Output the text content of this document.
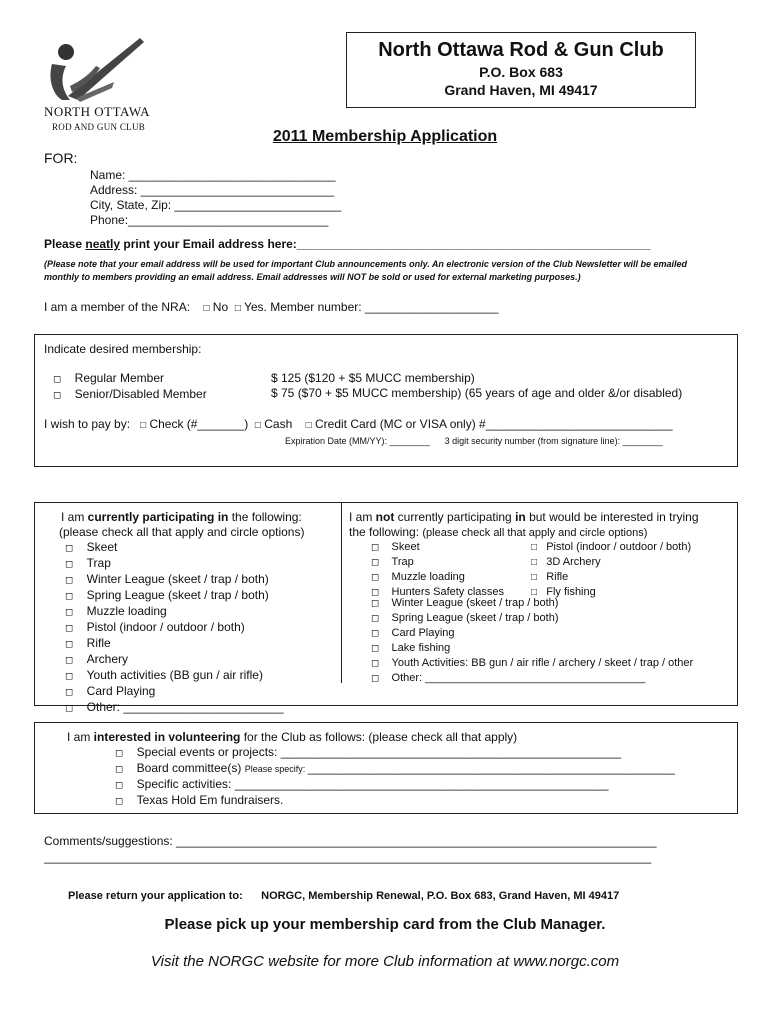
NORTH OTTAWA
ROD AND GUN CLUB
North Ottawa Rod & Gun Club
P.O. Box 683
Grand Haven, MI 49417
2011 Membership Application
FOR:
Name: _______________________________
Address: _____________________________
City, State, Zip: _________________________
Phone:______________________________
Please neatly print your Email address here:_____________________________________________________
(Please note that your email address will be used for important Club announcements only. An electronic version of the Club Newsletter will be emailed monthly to members providing an email address. Email addresses will NOT be sold or used for external marketing purposes.)
I am a member of the NRA: □ No □ Yes. Member number: ____________________
Indicate desired membership:
◻ Regular Member
◻ Senior/Disabled Member
$ 125 ($120 + $5 MUCC membership)
$ 75 ($70 + $5 MUCC membership) (65 years of age and older &/or disabled)
I wish to pay by: □ Check (#_______) □ Cash □ Credit Card (MC or VISA only) #____________________________
Expiration Date (MM/YY): ________ 3 digit security number (from signature line): ________
I am currently participating in the following:
(please check all that apply and circle options)
◻ Skeet
◻ Trap
◻ Winter League (skeet / trap / both)
◻ Spring League (skeet / trap / both)
◻ Muzzle loading
◻ Pistol (indoor / outdoor / both)
◻ Rifle
◻ Archery
◻ Youth activities (BB gun / air rifle)
◻ Card Playing
◻ Other: ________________________
I am not currently participating in but would be interested in trying
the following: (please check all that apply and circle options)
◻ Skeet
◻ Trap
◻ Muzzle loading
◻ Hunters Safety classes
□ Pistol (indoor / outdoor / both)
□ 3D Archery
□ Rifle
□ Fly fishing
◻ Winter League (skeet / trap / both)
◻ Spring League (skeet / trap / both)
◻ Card Playing
◻ Lake fishing
◻ Youth Activities: BB gun / air rifle / archery / skeet / trap / other
◻ Other: ____________________________________
I am interested in volunteering for the Club as follows: (please check all that apply)
◻ Special events or projects: ___________________________________________________
◻ Board committee(s) Please specify: _______________________________________________________
◻ Specific activities: ________________________________________________________
◻ Texas Hold Em fundraisers.
Comments/suggestions: ________________________________________________________________________
___________________________________________________________________________________________
Please return your application to: NORGC, Membership Renewal, P.O. Box 683, Grand Haven, MI 49417
Please pick up your membership card from the Club Manager.
Visit the NORGC website for more Club information at www.norgc.com
